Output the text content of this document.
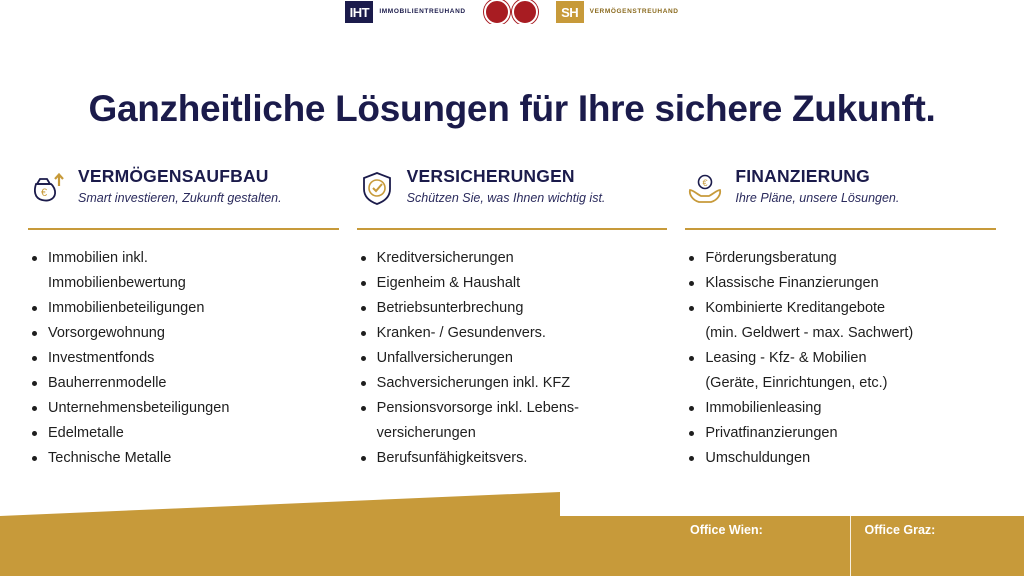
IHT	IMMOBILIENTREUHAND	SH	VERMÖGENSTREUHAND
Ganzheitliche Lösungen für Ihre sichere Zukunft.
€
VERMÖGENSAUFBAU
Smart investieren, Zukunft gestalten.
Immobilien inkl.
Immobilienbewertung
Immobilienbeteiligungen
Vorsorgewohnung
Investmentfonds
Bauherrenmodelle
Unternehmensbeteiligungen
Edelmetalle
Technische Metalle
VERSICHERUNGEN
Schützen Sie, was Ihnen wichtig ist.
Kreditversicherungen
Eigenheim & Haushalt
Betriebsunterbrechung
Kranken- / Gesundenvers.
Unfallversicherungen
Sachversicherungen inkl. KFZ
Pensionsvorsorge inkl. Lebens-
versicherungen
Berufsunfähigkeitsvers.
€ FINANZIERUNG
Ihre Pläne, unsere Lösungen.
Förderungsberatung
Klassische Finanzierungen
Kombinierte Kreditangebote
(min. Geldwert - max. Sachwert)
Leasing - Kfz- & Mobilien
(Geräte, Einrichtungen, etc.)
Immobilienleasing
Privatfinanzierungen
Umschuldungen
Office Wien:	Office Graz:
